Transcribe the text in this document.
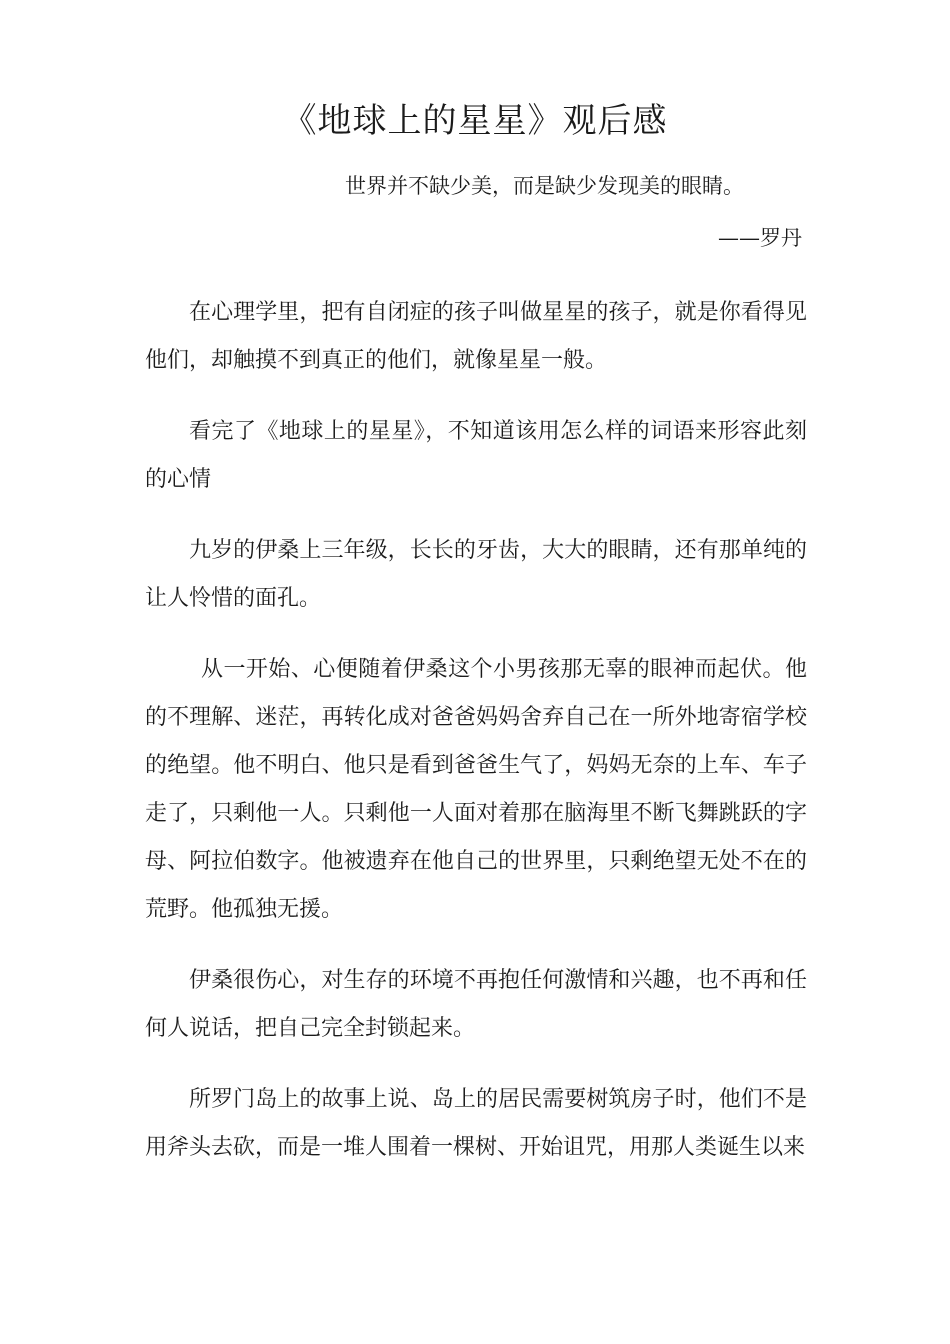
《地球上的星星》观后感

世界并不缺少美，而是缺少发现美的眼睛。

——罗丹

在心理学里，把有自闭症的孩子叫做星星的孩子，就是你看得见他们，却触摸不到真正的他们，就像星星一般。

看完了《地球上的星星》，不知道该用怎么样的词语来形容此刻的心情

九岁的伊桑上三年级，长长的牙齿，大大的眼睛，还有那单纯的让人怜惜的面孔。

从一开始、心便随着伊桑这个小男孩那无辜的眼神而起伏。他的不理解、迷茫，再转化成对爸爸妈妈舍弃自己在一所外地寄宿学校的绝望。他不明白、他只是看到爸爸生气了，妈妈无奈的上车、车子走了，只剩他一人。只剩他一人面对着那在脑海里不断飞舞跳跃的字母、阿拉伯数字。他被遗弃在他自己的世界里，只剩绝望无处不在的荒野。他孤独无援。

伊桑很伤心，对生存的环境不再抱任何激情和兴趣，也不再和任何人说话，把自己完全封锁起来。

所罗门岛上的故事上说、岛上的居民需要树筑房子时，他们不是用斧头去砍，而是一堆人围着一棵树、开始诅咒，用那人类诞生以来
